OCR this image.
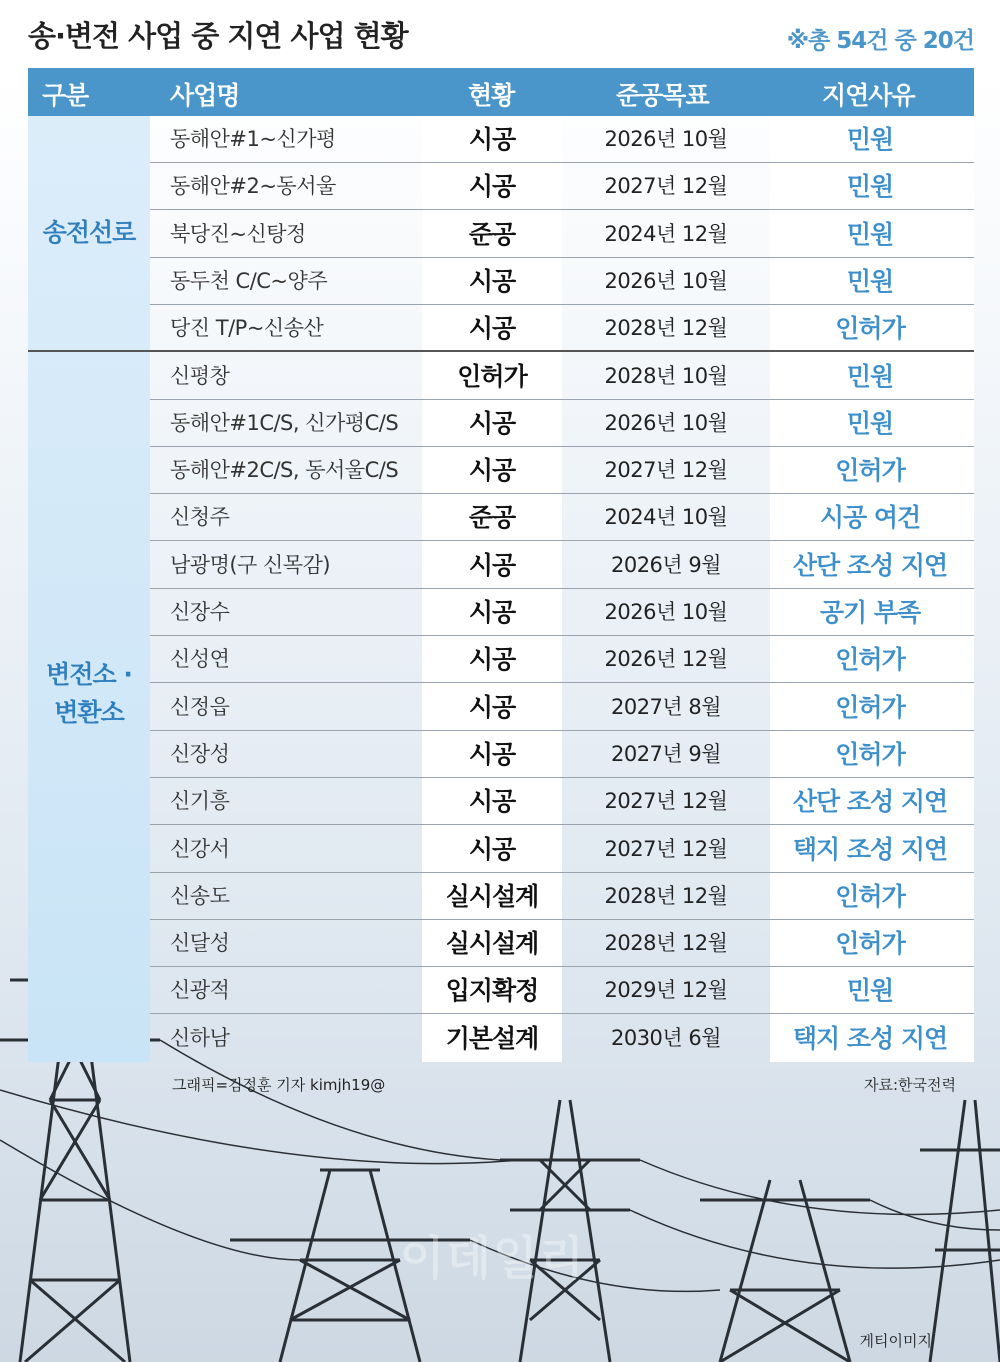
송·변전 사업 중 지연 사업 현황	※총 54건 중 20건
구분	사업명	현황	준공목표	지연사유
송전선로
변전소 ·
변환소
동해안#1~신가평	시공	2026년 10월	민원
동해안#2~동서울	시공	2027년 12월	민원
북당진~신탕정	준공	2024년 12월	민원
동두천 C/C~양주	시공	2026년 10월	민원
당진 T/P~신송산	시공	2028년 12월	인허가
신평창	인허가	2028년 10월	민원
동해안#1C/S, 신가평C/S	시공	2026년 10월	민원
동해안#2C/S, 동서울C/S	시공	2027년 12월	인허가
신청주	준공	2024년 10월	시공 여건
남광명(구 신목감)	시공	2026년 9월	산단 조성 지연
신장수	시공	2026년 10월	공기 부족
신성연	시공	2026년 12월	인허가
신정읍	시공	2027년 8월	인허가
신장성	시공	2027년 9월	인허가
신기흥	시공	2027년 12월	산단 조성 지연
신강서	시공	2027년 12월	택지 조성 지연
신송도	실시설계	2028년 12월	인허가
신달성	실시설계	2028년 12월	인허가
신광적	입지확정	2029년 12월	민원
신하남	기본설계	2030년 6월	택지 조성 지연
그래픽=김정훈 기자 kimjh19@	자료:한국전력
이데일리
게티이미지
